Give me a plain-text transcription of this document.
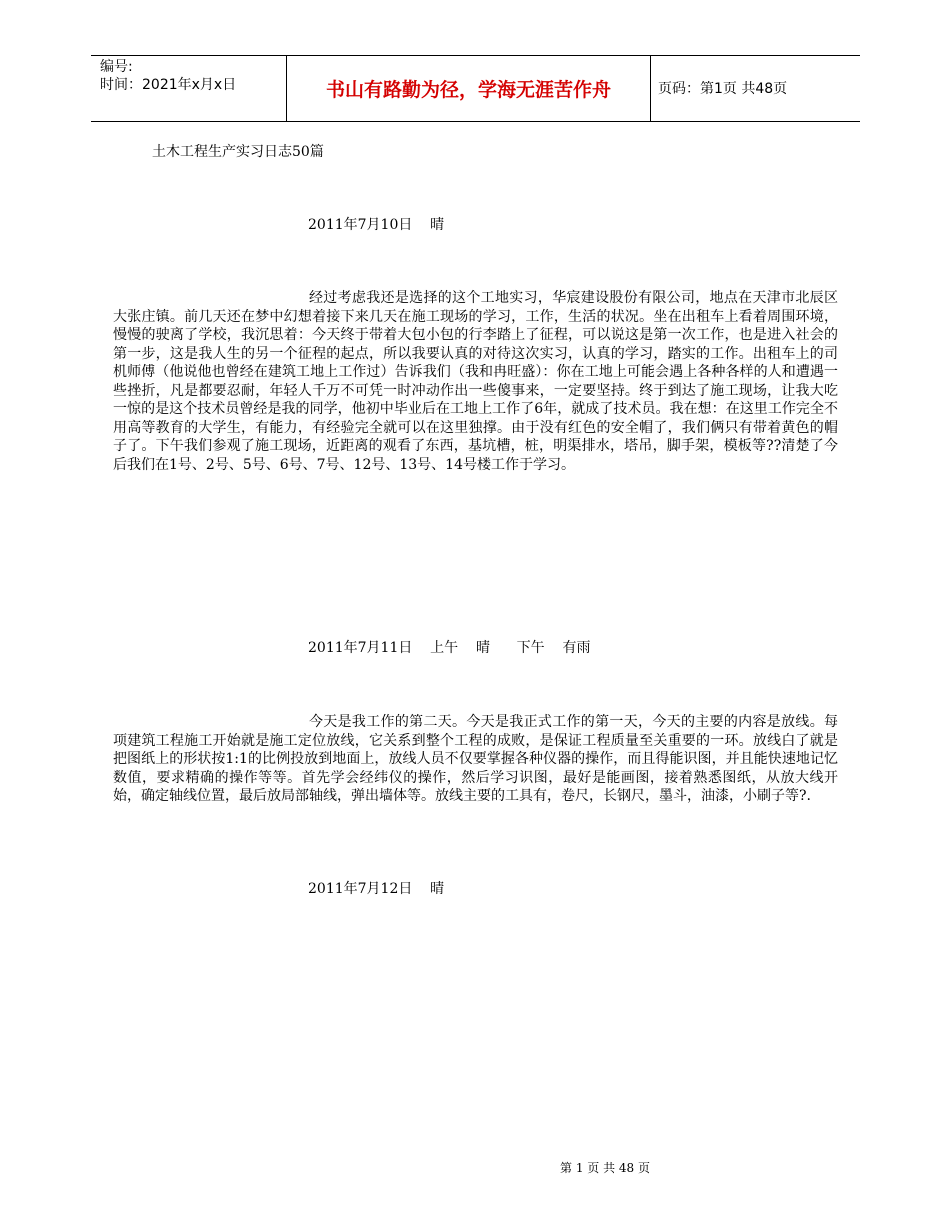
编号:
时间：2021年x月x日	书山有路勤为径，学海无涯苦作舟	页码：第1页 共48页
土木工程生产实习日志50篇
2011年7月10日    晴

经过考虑我还是选择的这个工地实习，华宸建设股份有限公司，地点在天津市北辰区大张庄镇。前几天还在梦中幻想着接下来几天在施工现场的学习，工作，生活的状况。坐在出租车上看着周围环境，慢慢的驶离了学校，我沉思着：今天终于带着大包小包的行李踏上了征程，可以说这是第一次工作，也是进入社会的第一步，这是我人生的另一个征程的起点，所以我要认真的对待这次实习，认真的学习，踏实的工作。出租车上的司机师傅（他说他也曾经在建筑工地上工作过）告诉我们（我和冉旺盛）：你在工地上可能会遇上各种各样的人和遭遇一些挫折，凡是都要忍耐，年轻人千万不可凭一时冲动作出一些傻事来，一定要坚持。终于到达了施工现场，让我大吃一惊的是这个技术员曾经是我的同学，他初中毕业后在工地上工作了6年，就成了技术员。我在想：在这里工作完全不用高等教育的大学生，有能力，有经验完全就可以在这里独撑。由于没有红色的安全帽了，我们俩只有带着黄色的帽子了。下午我们参观了施工现场，近距离的观看了东西，基坑槽，桩，明渠排水，塔吊，脚手架，模板等??清楚了今后我们在1号、2号、5号、6号、7号、12号、13号、14号楼工作于学习。

2011年7月11日    上午    晴      下午    有雨

今天是我工作的第二天。今天是我正式工作的第一天，今天的主要的内容是放线。每项建筑工程施工开始就是施工定位放线，它关系到整个工程的成败，是保证工程质量至关重要的一环。放线白了就是把图纸上的形状按1:1的比例投放到地面上，放线人员不仅要掌握各种仪器的操作，而且得能识图，并且能快速地记忆数值，要求精确的操作等等。首先学会经纬仪的操作，然后学习识图，最好是能画图，接着熟悉图纸，从放大线开始，确定轴线位置，最后放局部轴线，弹出墙体等。放线主要的工具有，卷尺，长钢尺，墨斗，油漆，小刷子等?.

2011年7月12日    晴
第 1 页 共 48 页
